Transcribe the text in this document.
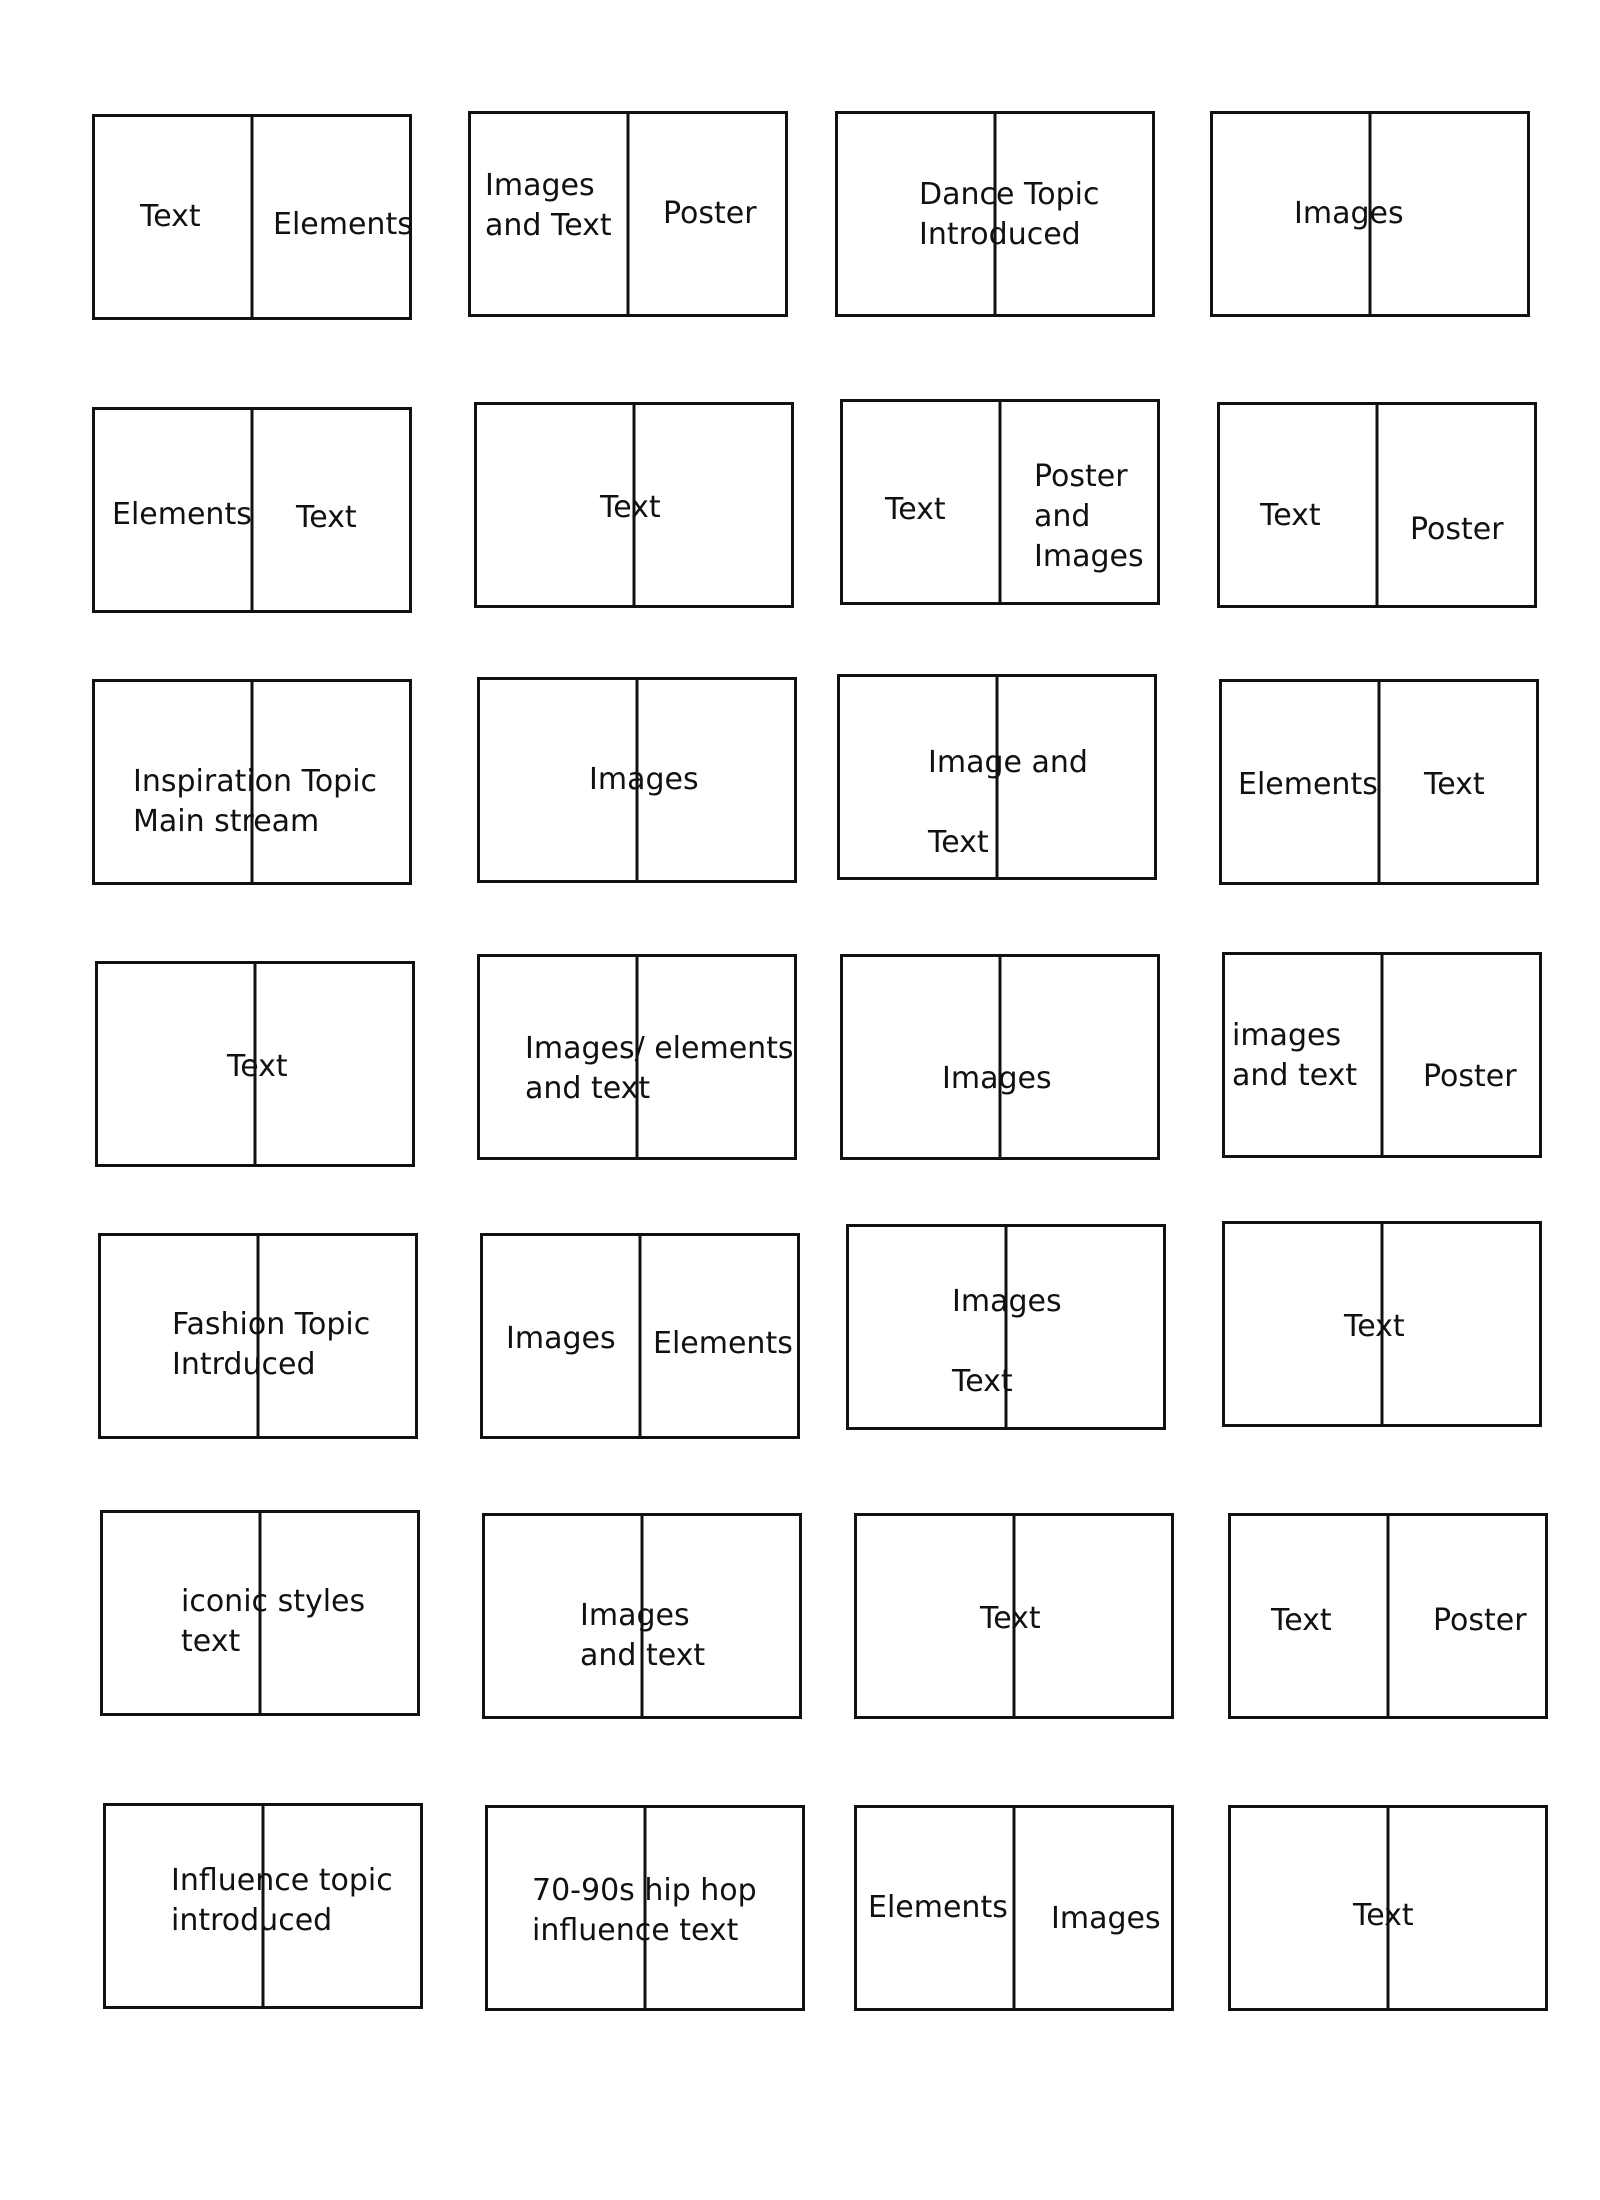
Text Elements
Images
and Text Poster
Dance Topic
Introduced
Images
Elements Text	Text	Text
Poster
and
Images
Text	Poster
Inspiration Topic
Main stream
Images	Image and

Text
Elements Text
Text
Images/ elements
and text	Images
images
and text Poster
Fashion Topic
Intrduced
Images Elements
Images

Text
Text
iconic styles
text
Images
and text
Text	Text	Poster
Influence topic
introduced
70-90s hip hop
influence text
Elements Images	Text
